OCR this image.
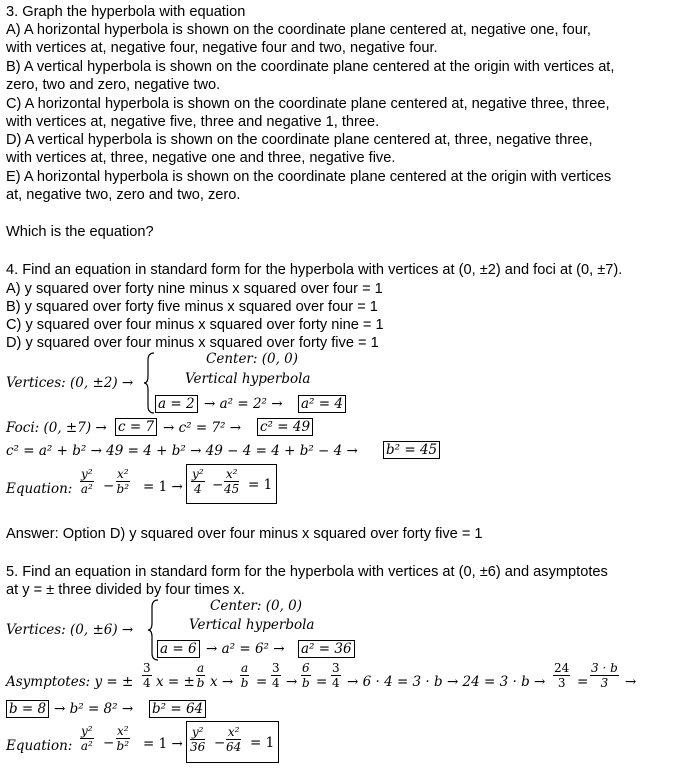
3. Graph the hyperbola with equation

A) A horizontal hyperbola is shown on the coordinate plane centered at, negative one, four,

with vertices at, negative four, negative four and two, negative four.

B) A vertical hyperbola is shown on the coordinate plane centered at the origin with vertices at,

zero, two and zero, negative two.

C) A horizontal hyperbola is shown on the coordinate plane centered at, negative three, three,

with vertices at, negative five, three and negative 1, three.

D) A vertical hyperbola is shown on the coordinate plane centered at, three, negative three,

with vertices at, three, negative one and three, negative five.

E) A horizontal hyperbola is shown on the coordinate plane centered at the origin with vertices

at, negative two, zero and two, zero.

Which is the equation?

4. Find an equation in standard form for the hyperbola with vertices at (0, ±2) and foci at (0, ±7).

A) y squared over forty nine minus x squared over four = 1

B) y squared over forty five minus x squared over four = 1

C) y squared over four minus x squared over forty nine = 1

D) y squared over four minus x squared over forty five = 1

Center: (0, 0)
Vertical hyperbola
Vertices: (0, ±2) →
a = 2 → a² = 2² → a² = 4
Foci: (0, ±7) → c = 7 → c² = 7² → c² = 49
c² = a² + b² → 49 = 4 + b² → 49 − 4 = 4 + b² − 4 → b² = 45
Equation: $\frac{\text{y²}}{\text{a²}} - \frac{\text{x²}}{\text{b²}} = 1 \to \frac{\text{y²}}{4} - \frac{\text{x²}}{45} = 1$

Answer: Option D) y squared over four minus x squared over forty five = 1

5. Find an equation in standard form for the hyperbola with vertices at (0, ±6) and asymptotes

at y = ± three divided by four times x.

Center: (0, 0)
Vertical hyperbola
Vertices: (0, ±6) →
a = 6 → a² = 6² → a² = 36
Asymptotes: y = ± $\frac{3}{4}$ x = ± $\frac{a}{b}$ $x \to \frac{a}{b} = \frac{3}{4} \to \frac{6}{b} = \frac{3}{4} \to 6 \cdot 4 = 3 \cdot b \to 24 = 3 \cdot b \to \frac{24}{3} = \frac{3 \cdot b}{3}$ →
b = 8 → b² = 8² → b² = 64
Equation: $\frac{\text{y²}}{\text{a²}} - \frac{\text{x²}}{\text{b²}} = 1 \to \frac{\text{y²}}{36} - \frac{\text{x²}}{64} = 1$
